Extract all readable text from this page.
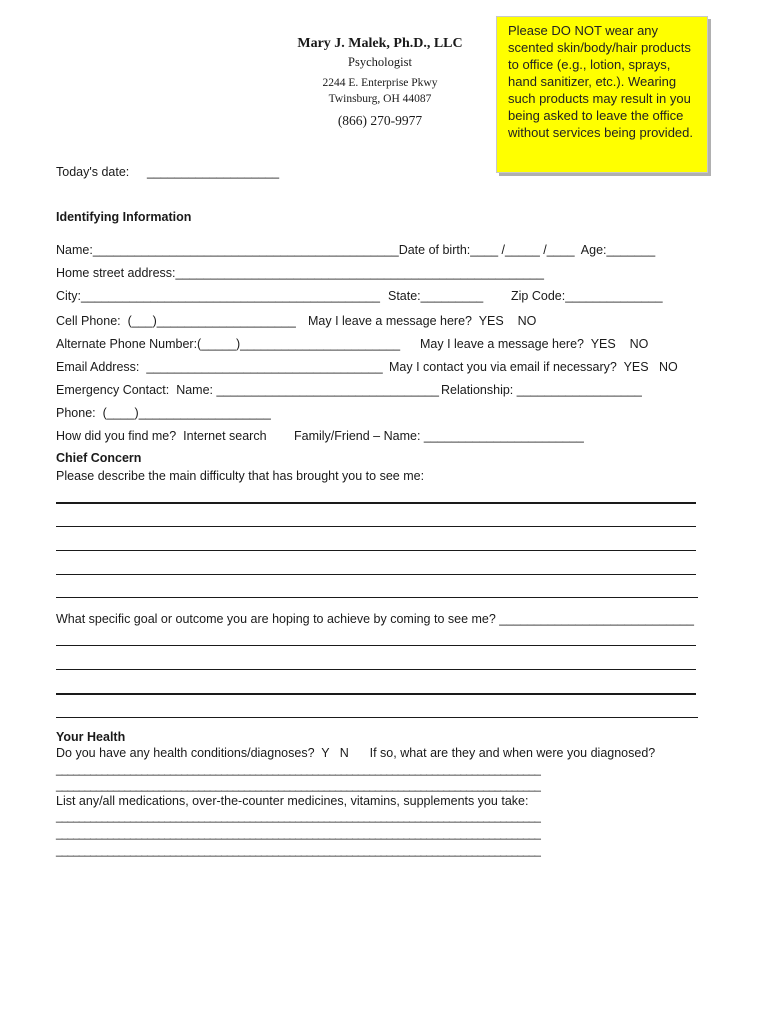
Mary J. Malek, Ph.D., LLC
Psychologist
2244 E. Enterprise Pkwy
Twinsburg, OH 44087
(866) 270-9977
Please DO NOT wear any scented skin/body/hair products to office (e.g., lotion, sprays, hand sanitizer, etc.). Wearing such products may result in you being asked to leave the office without services being provided.
Today's date: ___________________
Identifying Information
Name:____________________________________________Date of birth:____ /_____ /____  Age:_______
Home street address:_____________________________________________________
City:___________________________________________ State:_________ Zip Code:______________
Cell Phone:  (___)____________________ May I leave a message here?  YES    NO
Alternate Phone Number:(_____)_______________________ May I leave a message here?  YES    NO
Email Address:  __________________________________ May I contact you via email if necessary?  YES   NO
Emergency Contact:  Name: ________________________________ Relationship: __________________
Phone:  (____)___________________
How did you find me?  Internet search Family/Friend – Name: _______________________
Chief Concern
Please describe the main difficulty that has brought you to see me:
What specific goal or outcome you are hoping to achieve by coming to see me? ____________________________
Your Health
Do you have any health conditions/diagnoses?  Y   N      If so, what are they and when were you diagnosed?
_____________________________________________________________________________________
_____________________________________________________________________________________
List any/all medications, over-the-counter medicines, vitamins, supplements you take:
_____________________________________________________________________________________
_____________________________________________________________________________________
_____________________________________________________________________________________
